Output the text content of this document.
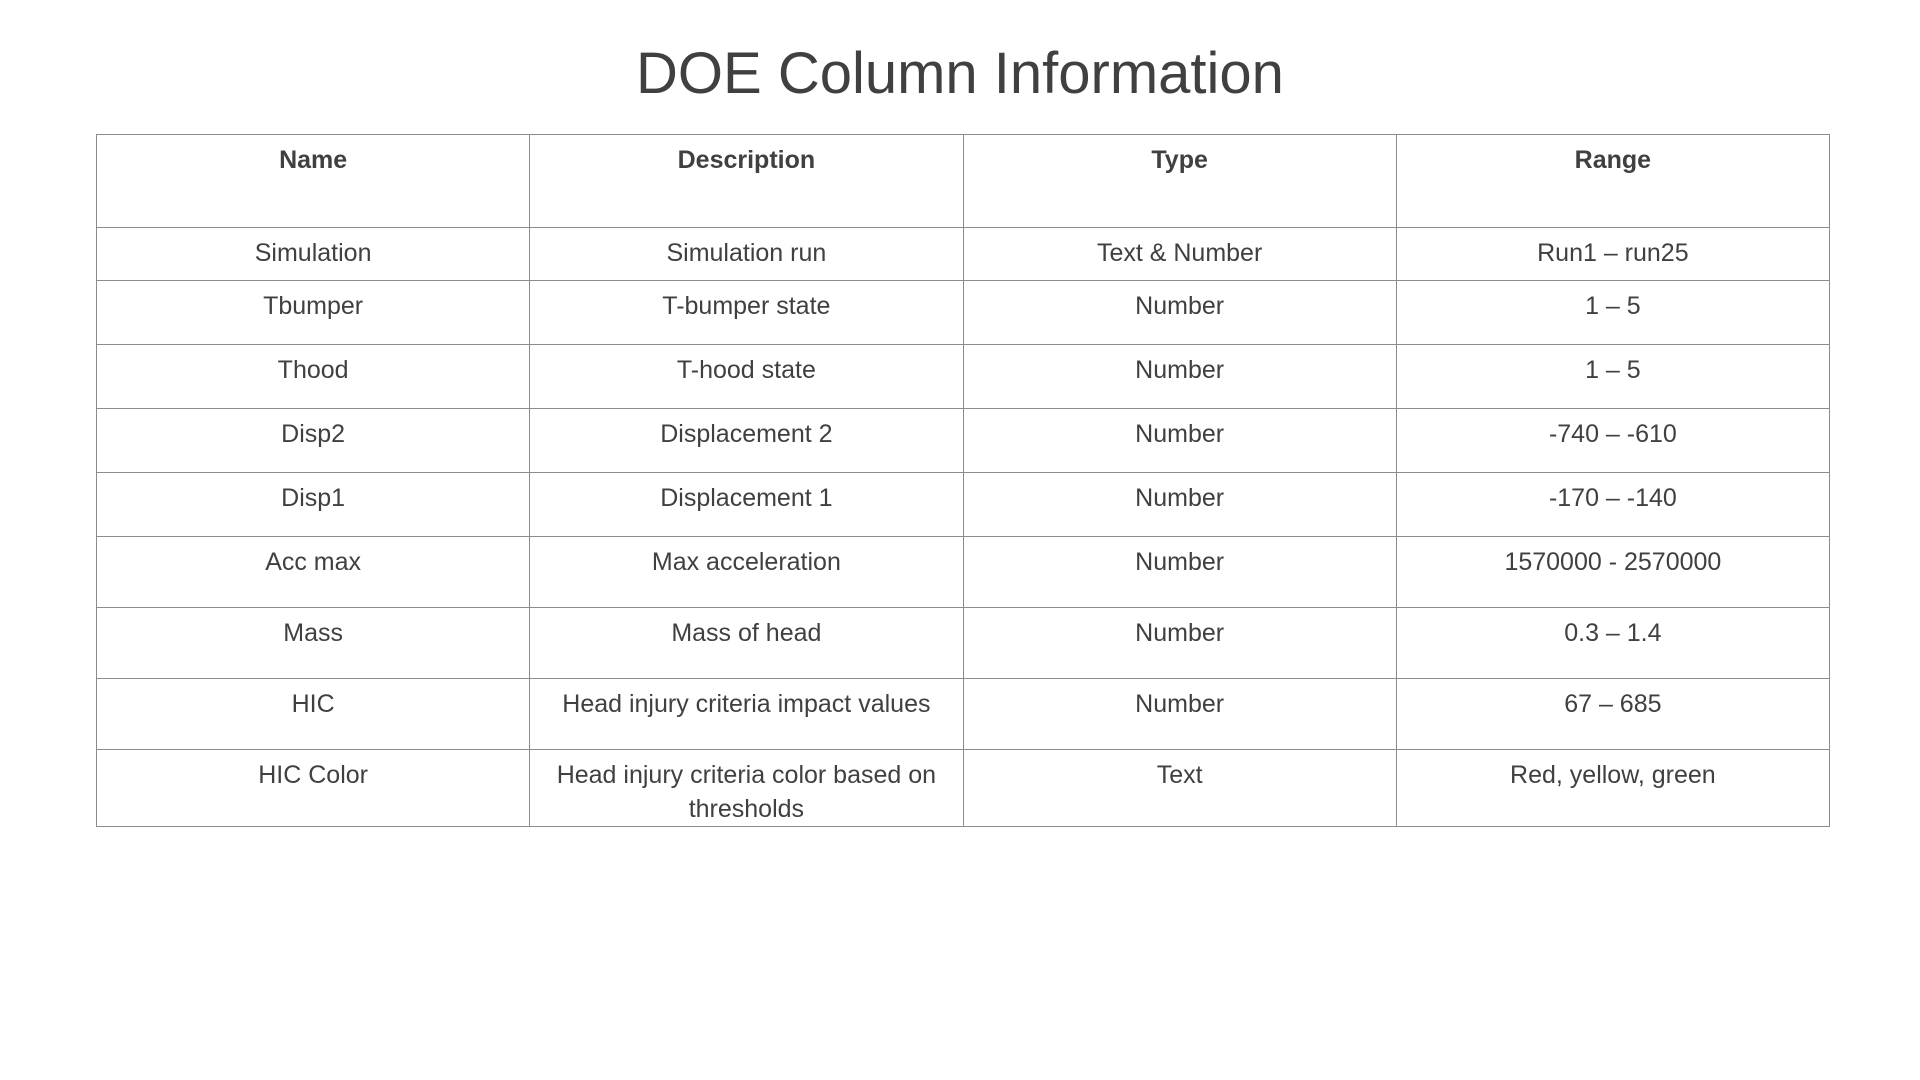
DOE Column Information
Name	Description	Type	Range
Simulation	Simulation run	Text & Number	Run1 – run25
Tbumper	T-bumper state	Number	1 – 5
Thood	T-hood state	Number	1 – 5
Disp2	Displacement 2	Number	-740 – -610
Disp1	Displacement 1	Number	-170 – -140
Acc max	Max acceleration	Number	1570000 - 2570000
Mass	Mass of head	Number	0.3 – 1.4
HIC	Head injury criteria impact values	Number	67 – 685
HIC Color	Head injury criteria color based on thresholds	Text	Red, yellow, green
